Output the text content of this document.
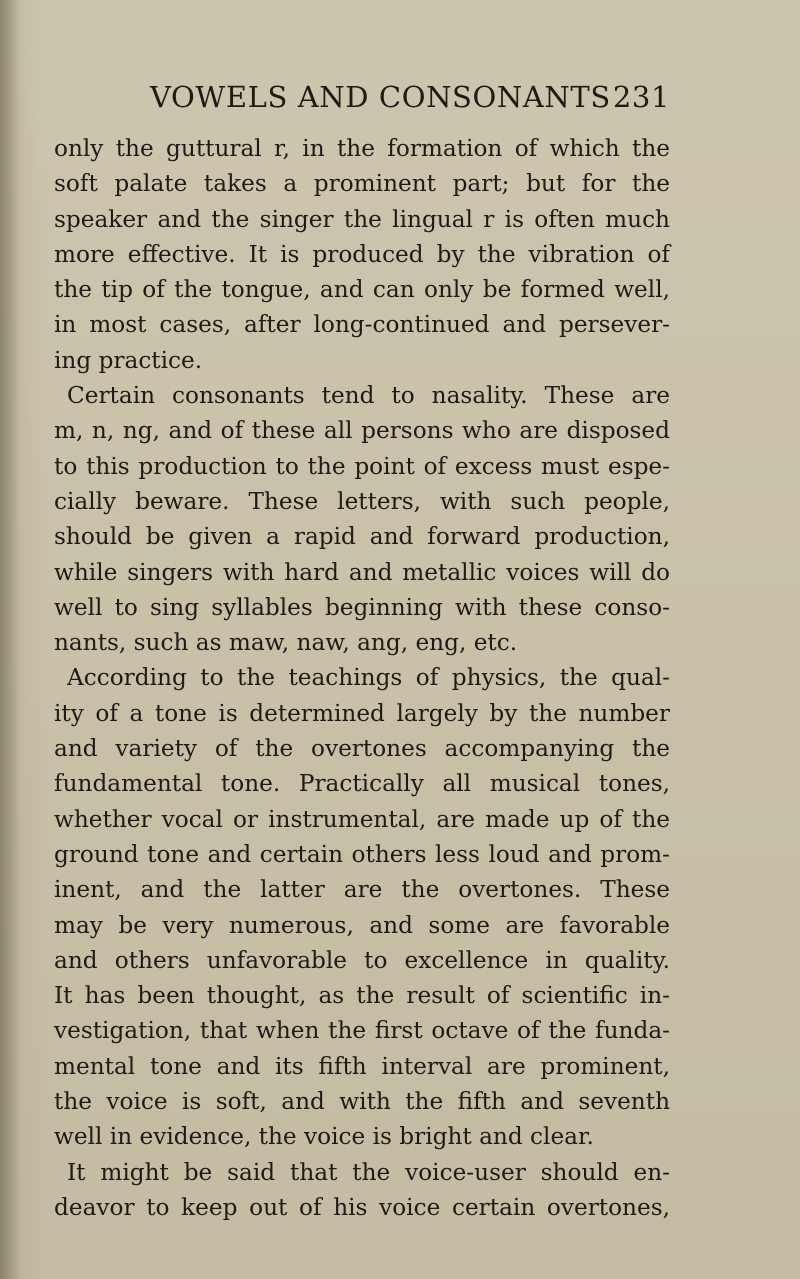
VOWELS AND CONSONANTS 231
only the guttural r, in the formation of which the
soft palate takes a prominent part; but for the
speaker and the singer the lingual r is often much
more effective. It is produced by the vibration of
the tip of the tongue, and can only be formed well,
in most cases, after long-continued and persever-
ing practice.
Certain consonants tend to nasality. These are
m, n, ng, and of these all persons who are disposed
to this production to the point of excess must espe-
cially beware. These letters, with such people,
should be given a rapid and forward production,
while singers with hard and metallic voices will do
well to sing syllables beginning with these conso-
nants, such as maw, naw, ang, eng, etc.
According to the teachings of physics, the qual-
ity of a tone is determined largely by the number
and variety of the overtones accompanying the
fundamental tone. Practically all musical tones,
whether vocal or instrumental, are made up of the
ground tone and certain others less loud and prom-
inent, and the latter are the overtones. These
may be very numerous, and some are favorable
and others unfavorable to excellence in quality.
It has been thought, as the result of scientific in-
vestigation, that when the first octave of the funda-
mental tone and its fifth interval are prominent,
the voice is soft, and with the fifth and seventh
well in evidence, the voice is bright and clear.
It might be said that the voice-user should en-
deavor to keep out of his voice certain overtones,
